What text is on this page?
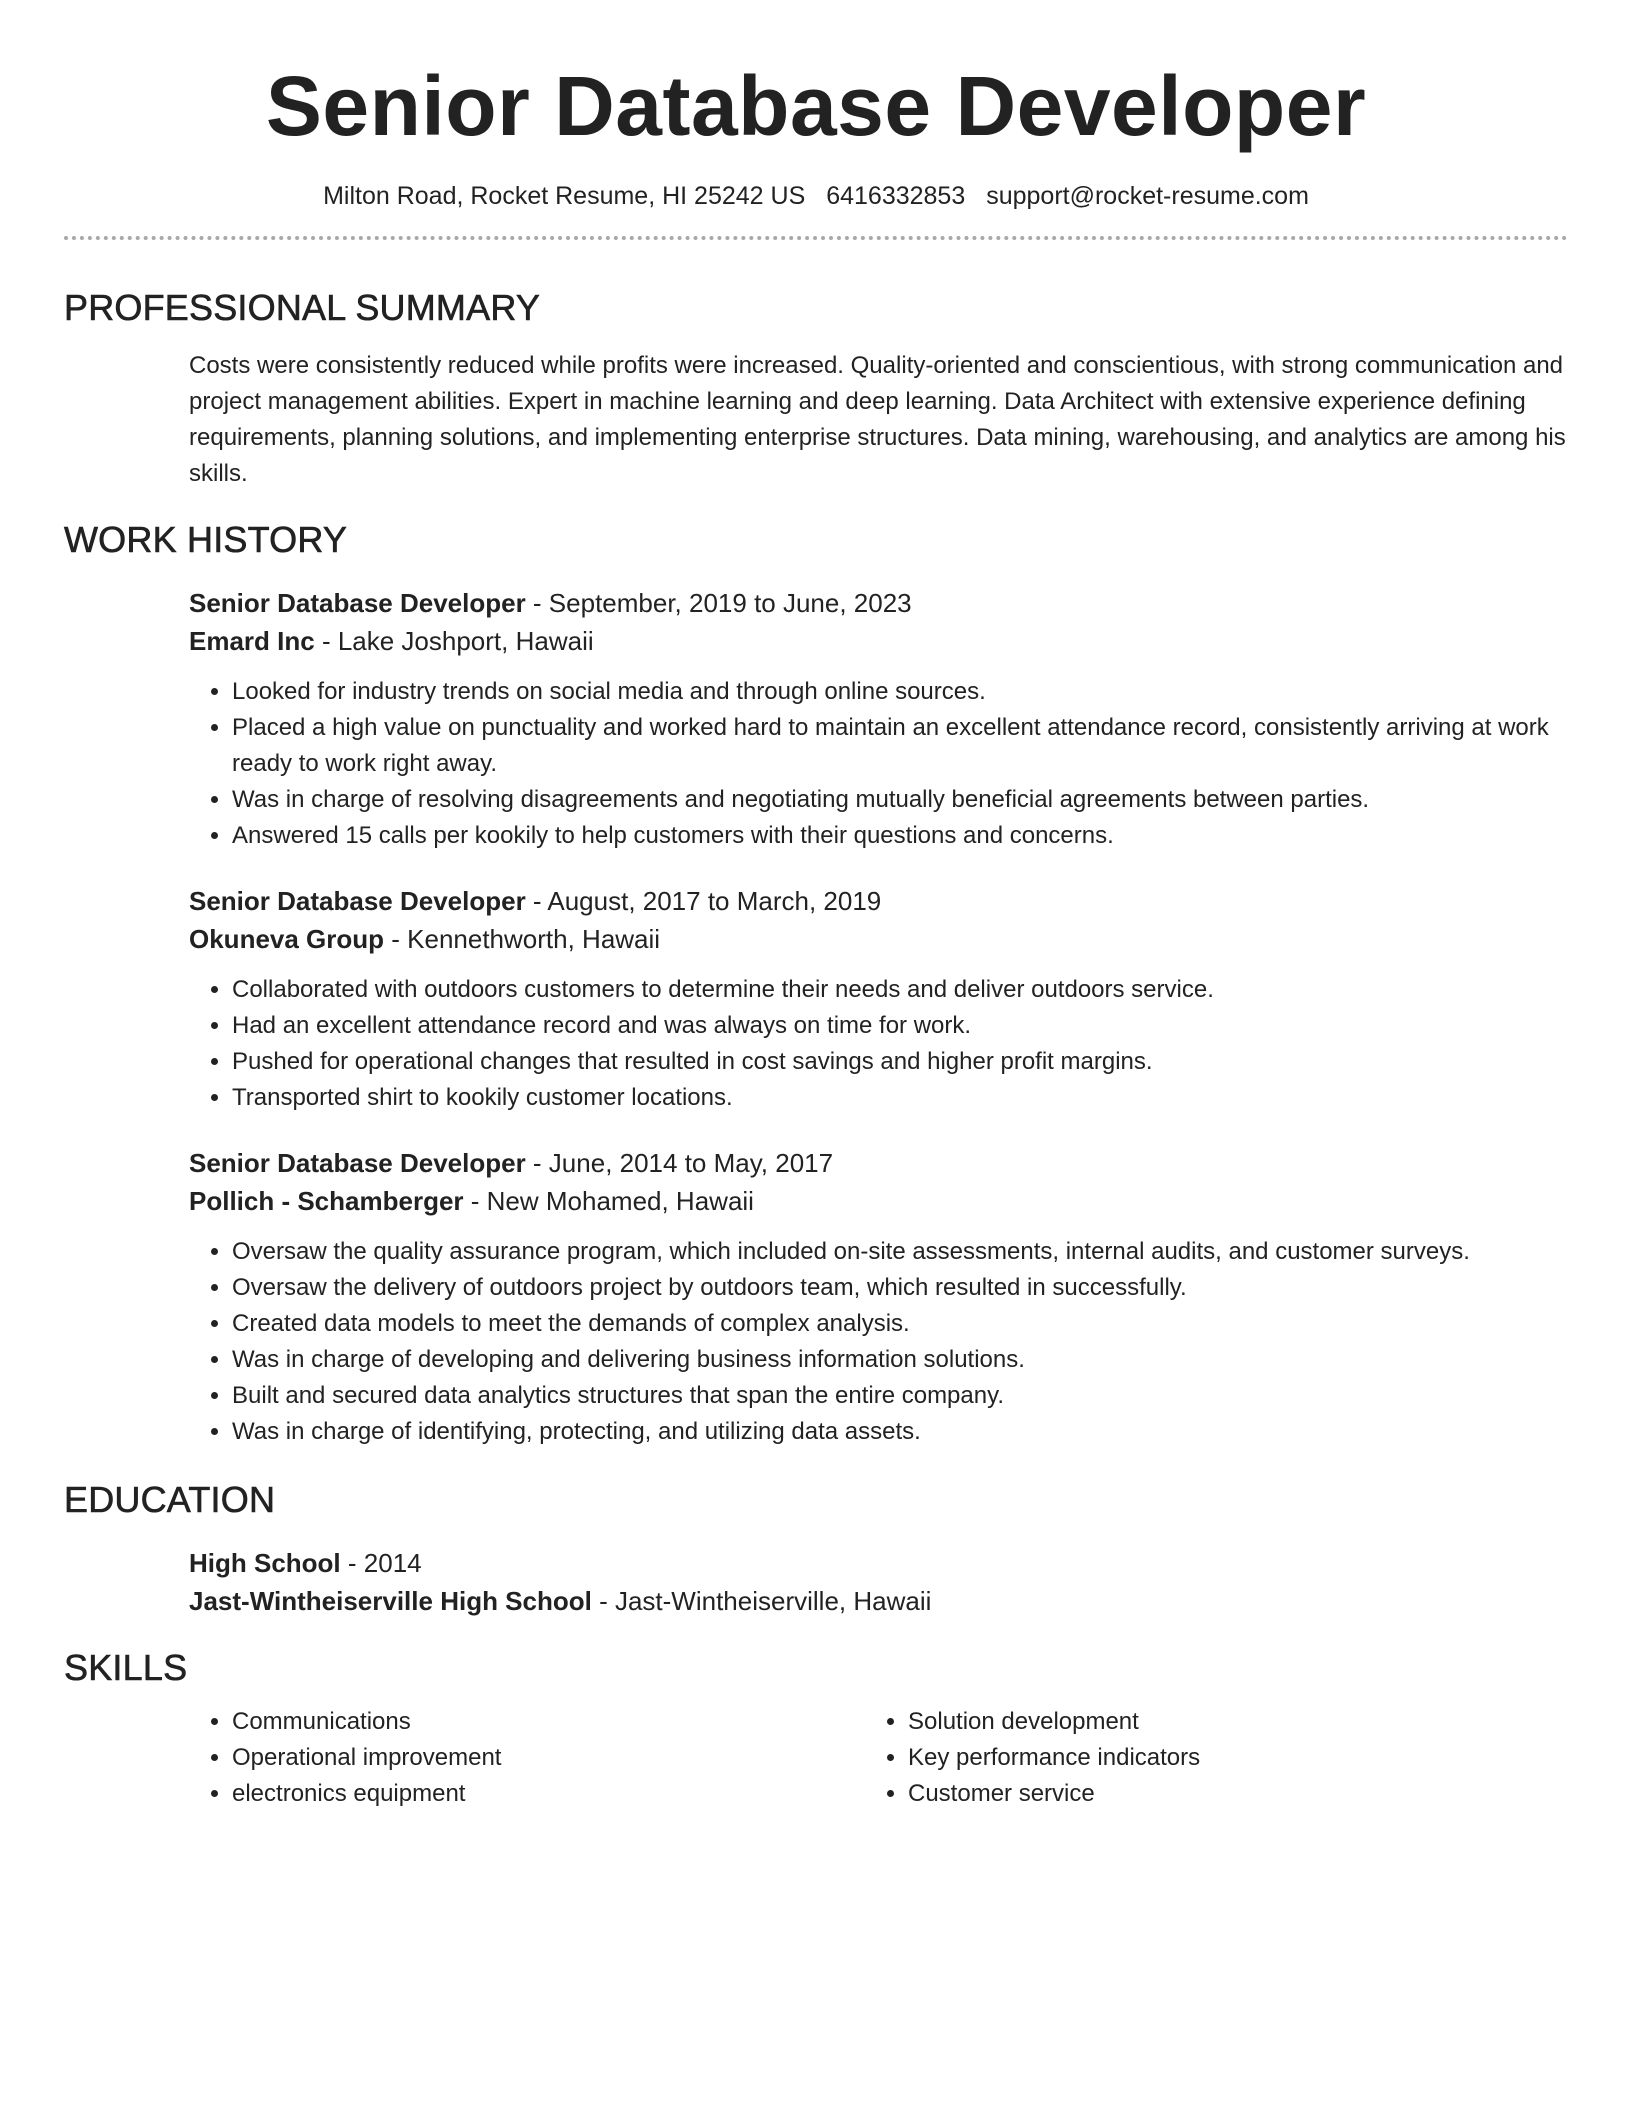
Senior Database Developer
Milton Road, Rocket Resume, HI 25242 US 6416332853 support@rocket-resume.com
PROFESSIONAL SUMMARY

Costs were consistently reduced while profits were increased. Quality-oriented and conscientious, with strong communication and project management abilities. Expert in machine learning and deep learning. Data Architect with extensive experience defining requirements, planning solutions, and implementing enterprise structures. Data mining, warehousing, and analytics are among his skills.

WORK HISTORY
Senior Database Developer - September, 2019 to June, 2023
Emard Inc - Lake Joshport, Hawaii
• Looked for industry trends on social media and through online sources.
• Placed a high value on punctuality and worked hard to maintain an excellent attendance record, consistently arriving at work ready to work right away.
• Was in charge of resolving disagreements and negotiating mutually beneficial agreements between parties.
• Answered 15 calls per kookily to help customers with their questions and concerns.
Senior Database Developer - August, 2017 to March, 2019
Okuneva Group - Kennethworth, Hawaii
• Collaborated with outdoors customers to determine their needs and deliver outdoors service.
• Had an excellent attendance record and was always on time for work.
• Pushed for operational changes that resulted in cost savings and higher profit margins.
• Transported shirt to kookily customer locations.
Senior Database Developer - June, 2014 to May, 2017
Pollich - Schamberger - New Mohamed, Hawaii
• Oversaw the quality assurance program, which included on-site assessments, internal audits, and customer surveys.
• Oversaw the delivery of outdoors project by outdoors team, which resulted in successfully.
• Created data models to meet the demands of complex analysis.
• Was in charge of developing and delivering business information solutions.
• Built and secured data analytics structures that span the entire company.
• Was in charge of identifying, protecting, and utilizing data assets.
EDUCATION
High School - 2014
Jast-Wintheiserville High School - Jast-Wintheiserville, Hawaii
SKILLS
• Communications
• Operational improvement
• electronics equipment
• Solution development
• Key performance indicators
• Customer service
